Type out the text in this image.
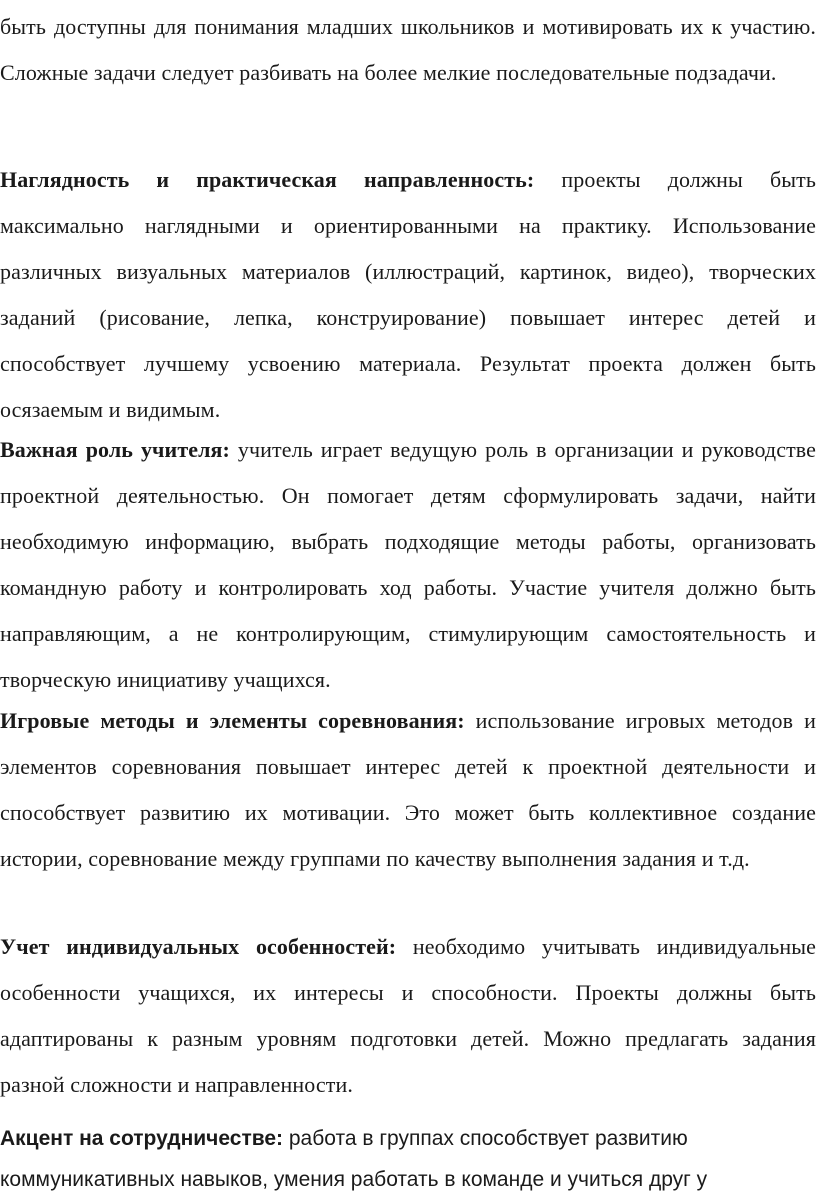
быть доступны для понимания младших школьников и мотивировать их к участию. Сложные задачи следует разбивать на более мелкие последовательные подзадачи.

Наглядность и практическая направленность: проекты должны быть максимально наглядными и ориентированными на практику. Использование различных визуальных материалов (иллюстраций, картинок, видео), творческих заданий (рисование, лепка, конструирование) повышает интерес детей и способствует лучшему усвоению материала. Результат проекта должен быть осязаемым и видимым.

Важная роль учителя: учитель играет ведущую роль в организации и руководстве проектной деятельностью. Он помогает детям сформулировать задачи, найти необходимую информацию, выбрать подходящие методы работы, организовать командную работу и контролировать ход работы. Участие учителя должно быть направляющим, а не контролирующим, стимулирующим самостоятельность и творческую инициативу учащихся.

Игровые методы и элементы соревнования: использование игровых методов и элементов соревнования повышает интерес детей к проектной деятельности и способствует развитию их мотивации. Это может быть коллективное создание истории, соревнование между группами по качеству выполнения задания и т.д.

Учет индивидуальных особенностей: необходимо учитывать индивидуальные особенности учащихся, их интересы и способности. Проекты должны быть адаптированы к разным уровням подготовки детей. Можно предлагать задания разной сложности и направленности.

Акцент на сотрудничестве: работа в группах способствует развитию коммуникативных навыков, умения работать в команде и учиться друг у
